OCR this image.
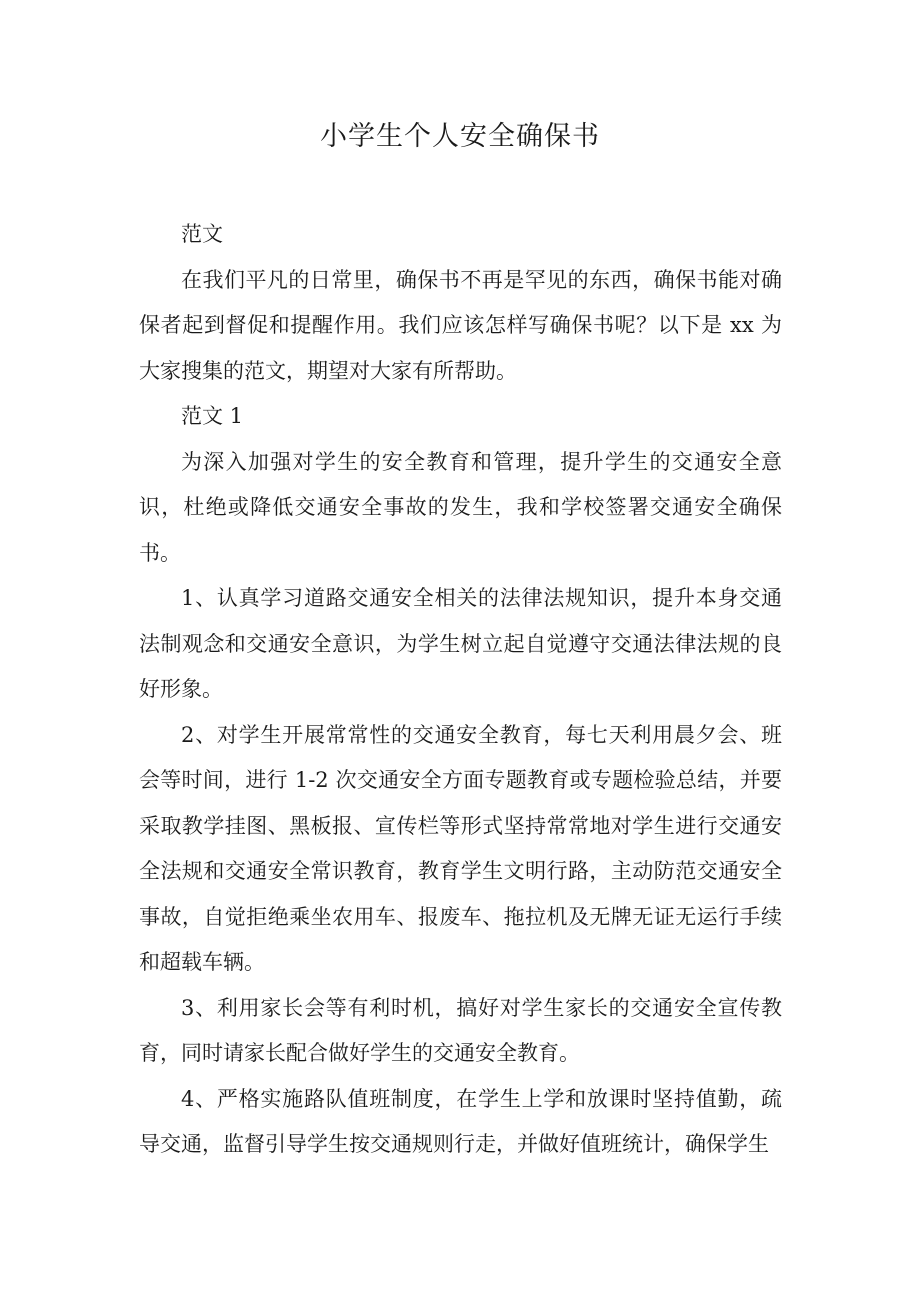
小学生个人安全确保书

范文

在我们平凡的日常里，确保书不再是罕见的东西，确保书能对确保者起到督促和提醒作用。我们应该怎样写确保书呢？以下是 xx 为大家搜集的范文，期望对大家有所帮助。

范文 1

为深入加强对学生的安全教育和管理，提升学生的交通安全意识，杜绝或降低交通安全事故的发生，我和学校签署交通安全确保书。

1、认真学习道路交通安全相关的法律法规知识，提升本身交通法制观念和交通安全意识，为学生树立起自觉遵守交通法律法规的良好形象。

2、对学生开展常常性的交通安全教育，每七天利用晨夕会、班会等时间，进行 1-2 次交通安全方面专题教育或专题检验总结，并要采取教学挂图、黑板报、宣传栏等形式坚持常常地对学生进行交通安全法规和交通安全常识教育，教育学生文明行路，主动防范交通安全事故，自觉拒绝乘坐农用车、报废车、拖拉机及无牌无证无运行手续和超载车辆。

3、利用家长会等有利时机，搞好对学生家长的交通安全宣传教育，同时请家长配合做好学生的交通安全教育。

4、严格实施路队值班制度，在学生上学和放课时坚持值勤，疏导交通，监督引导学生按交通规则行走，并做好值班统计，确保学生
